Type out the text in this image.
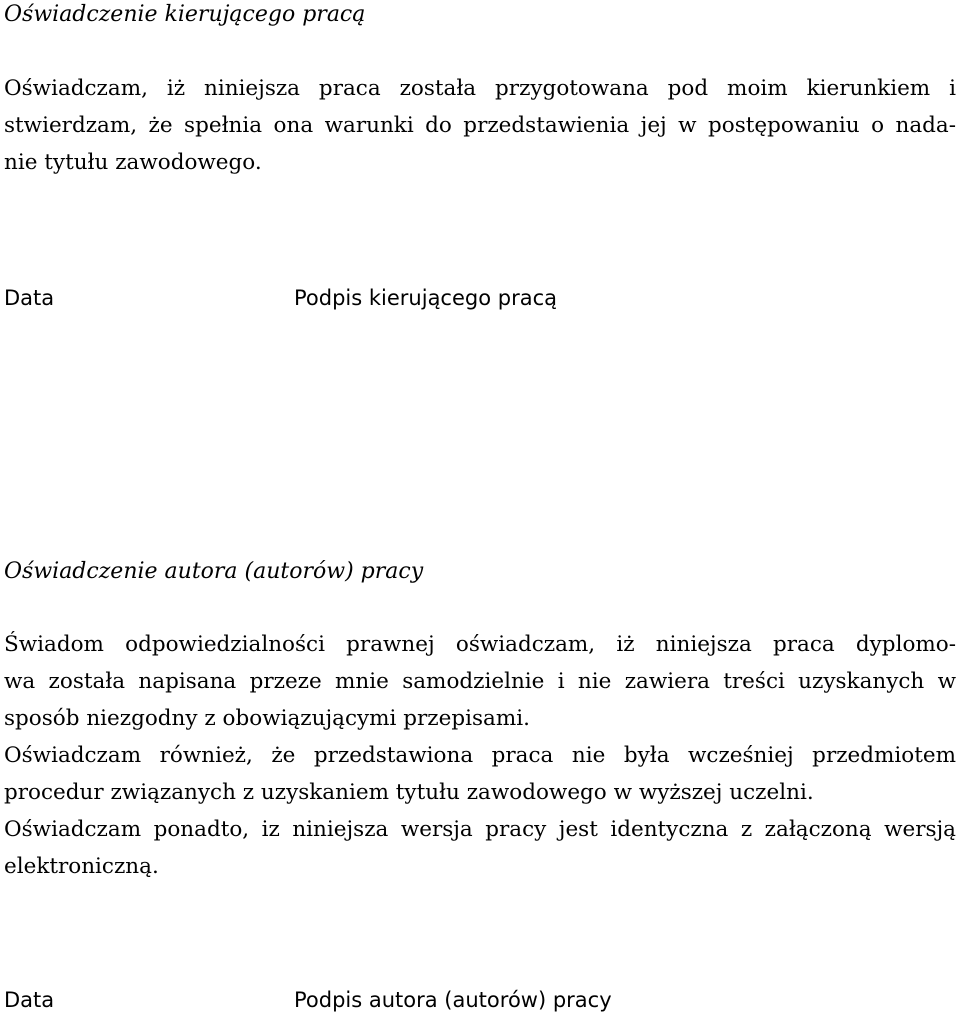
Oświadczenie kierującego pracą
Oświadczam, iż niniejsza praca została przygotowana pod moim kierunkiem i
stwierdzam, że spełnia ona warunki do przedstawienia jej w postępowaniu o nada-
nie tytułu zawodowego.
Data	Podpis kierującego pracą
Oświadczenie autora (autorów) pracy
Świadom odpowiedzialności prawnej oświadczam, iż niniejsza praca dyplomo-
wa została napisana przeze mnie samodzielnie i nie zawiera treści uzyskanych w
sposób niezgodny z obowiązującymi przepisami.
Oświadczam również, że przedstawiona praca nie była wcześniej przedmiotem
procedur związanych z uzyskaniem tytułu zawodowego w wyższej uczelni.
Oświadczam ponadto, iz niniejsza wersja pracy jest identyczna z załączoną wersją
elektroniczną.
Data	Podpis autora (autorów) pracy
